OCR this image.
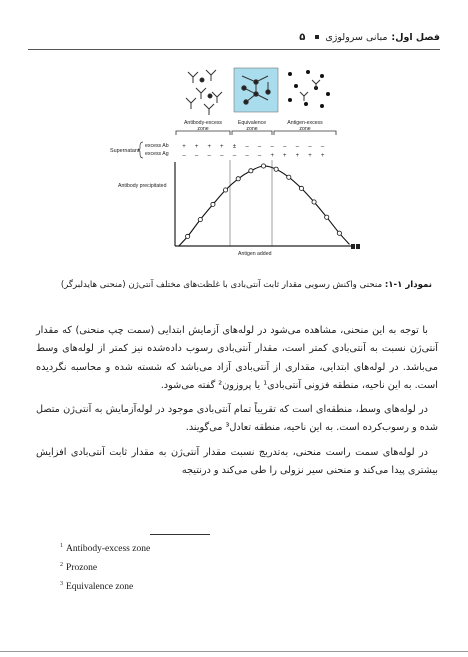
فصل اول:
مبانی سرولوژی
۵
Antibody-excess
zone
Equivalence
zone
Antigen-excess
zone
Supernatant
excess Ab
excess Ag
+ + + + ± – – – – – – –
– – – – – – – + + + + +
Antibody precipitated
Antigen added
نمودار ۱-۱: منحنی واکنش رسوبی مقدار ثابت آنتی‌بادی با غلظت‌های مختلف آنتی‌ژن (منحنی هایدلبرگر)

با توجه به این منحنی، مشاهده می‌شود در لوله‌های آزمایش ابتدایی (سمت چپ منحنی) که مقدار آنتی‌ژن نسبت به آنتی‌بادی کمتر است، مقدار آنتی‌بادی رسوب داده‌شده نیز کمتر از لوله‌های وسط می‌باشد. در لوله‌های ابتدایی، مقداری از آنتی‌بادی آزاد می‌باشد که شسته شده و محاسبه نگردیده است. به این ناحیه، منطقه فزونی آنتی‌بادی¹ یا پروزون² گفته می‌شود.

در لوله‌های وسط، منطقه‌ای است که تقریباً تمام آنتی‌بادی موجود در لوله‌آزمایش به آنتی‌ژن متصل شده و رسوب‌کرده است. به این ناحیه، منطقه تعادل³ می‌گویند.

در لوله‌های سمت راست منحنی، به‌تدریج نسبت مقدار آنتی‌ژن به مقدار ثابت آنتی‌بادی افزایش بیشتری پیدا می‌کند و منحنی سیر نزولی را طی می‌کند و درنتیجه

$^1$ Antibody-excess zone
$^2$ Prozone
$^3$ Equivalence zone
